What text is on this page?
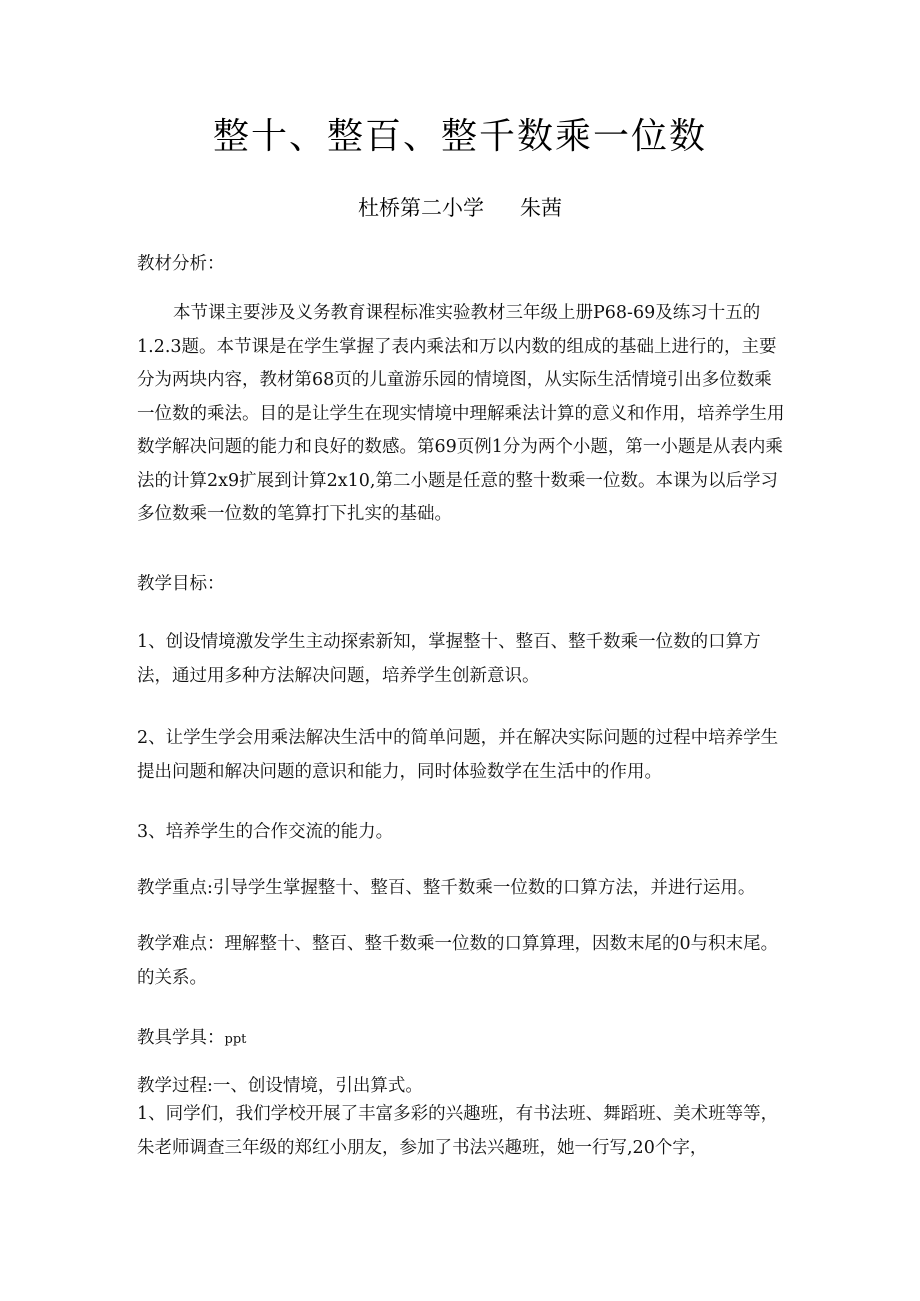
整十、整百、整千数乘一位数
杜桥第二小学 朱茜
教材分析：
本节课主要涉及义务教育课程标准实验教材三年级上册P68-69及练习十五的1.2.3题。本节课是在学生掌握了表内乘法和万以内数的组成的基础上进行的，主要分为两块内容，教材第68页的儿童游乐园的情境图，从实际生活情境引出多位数乘一位数的乘法。目的是让学生在现实情境中理解乘法计算的意义和作用，培养学生用数学解决问题的能力和良好的数感。第69页例1分为两个小题，第一小题是从表内乘法的计算2x9扩展到计算2x10,第二小题是任意的整十数乘一位数。本课为以后学习多位数乘一位数的笔算打下扎实的基础。
教学目标：
1、创设情境激发学生主动探索新知，掌握整十、整百、整千数乘一位数的口算方法，通过用多种方法解决问题，培养学生创新意识。
2、让学生学会用乘法解决生活中的简单问题，并在解决实际问题的过程中培养学生提出问题和解决问题的意识和能力，同时体验数学在生活中的作用。
3、培养学生的合作交流的能力。
教学重点:引导学生掌握整十、整百、整千数乘一位数的口算方法，并进行运用。
教学难点：理解整十、整百、整千数乘一位数的口算算理，因数末尾的0与积末尾。的关系。
教具学具：ppt
教学过程:一、创设情境，引出算式。
1、同学们，我们学校开展了丰富多彩的兴趣班，有书法班、舞蹈班、美术班等等，朱老师调查三年级的郑红小朋友，参加了书法兴趣班，她一行写,20个字，
